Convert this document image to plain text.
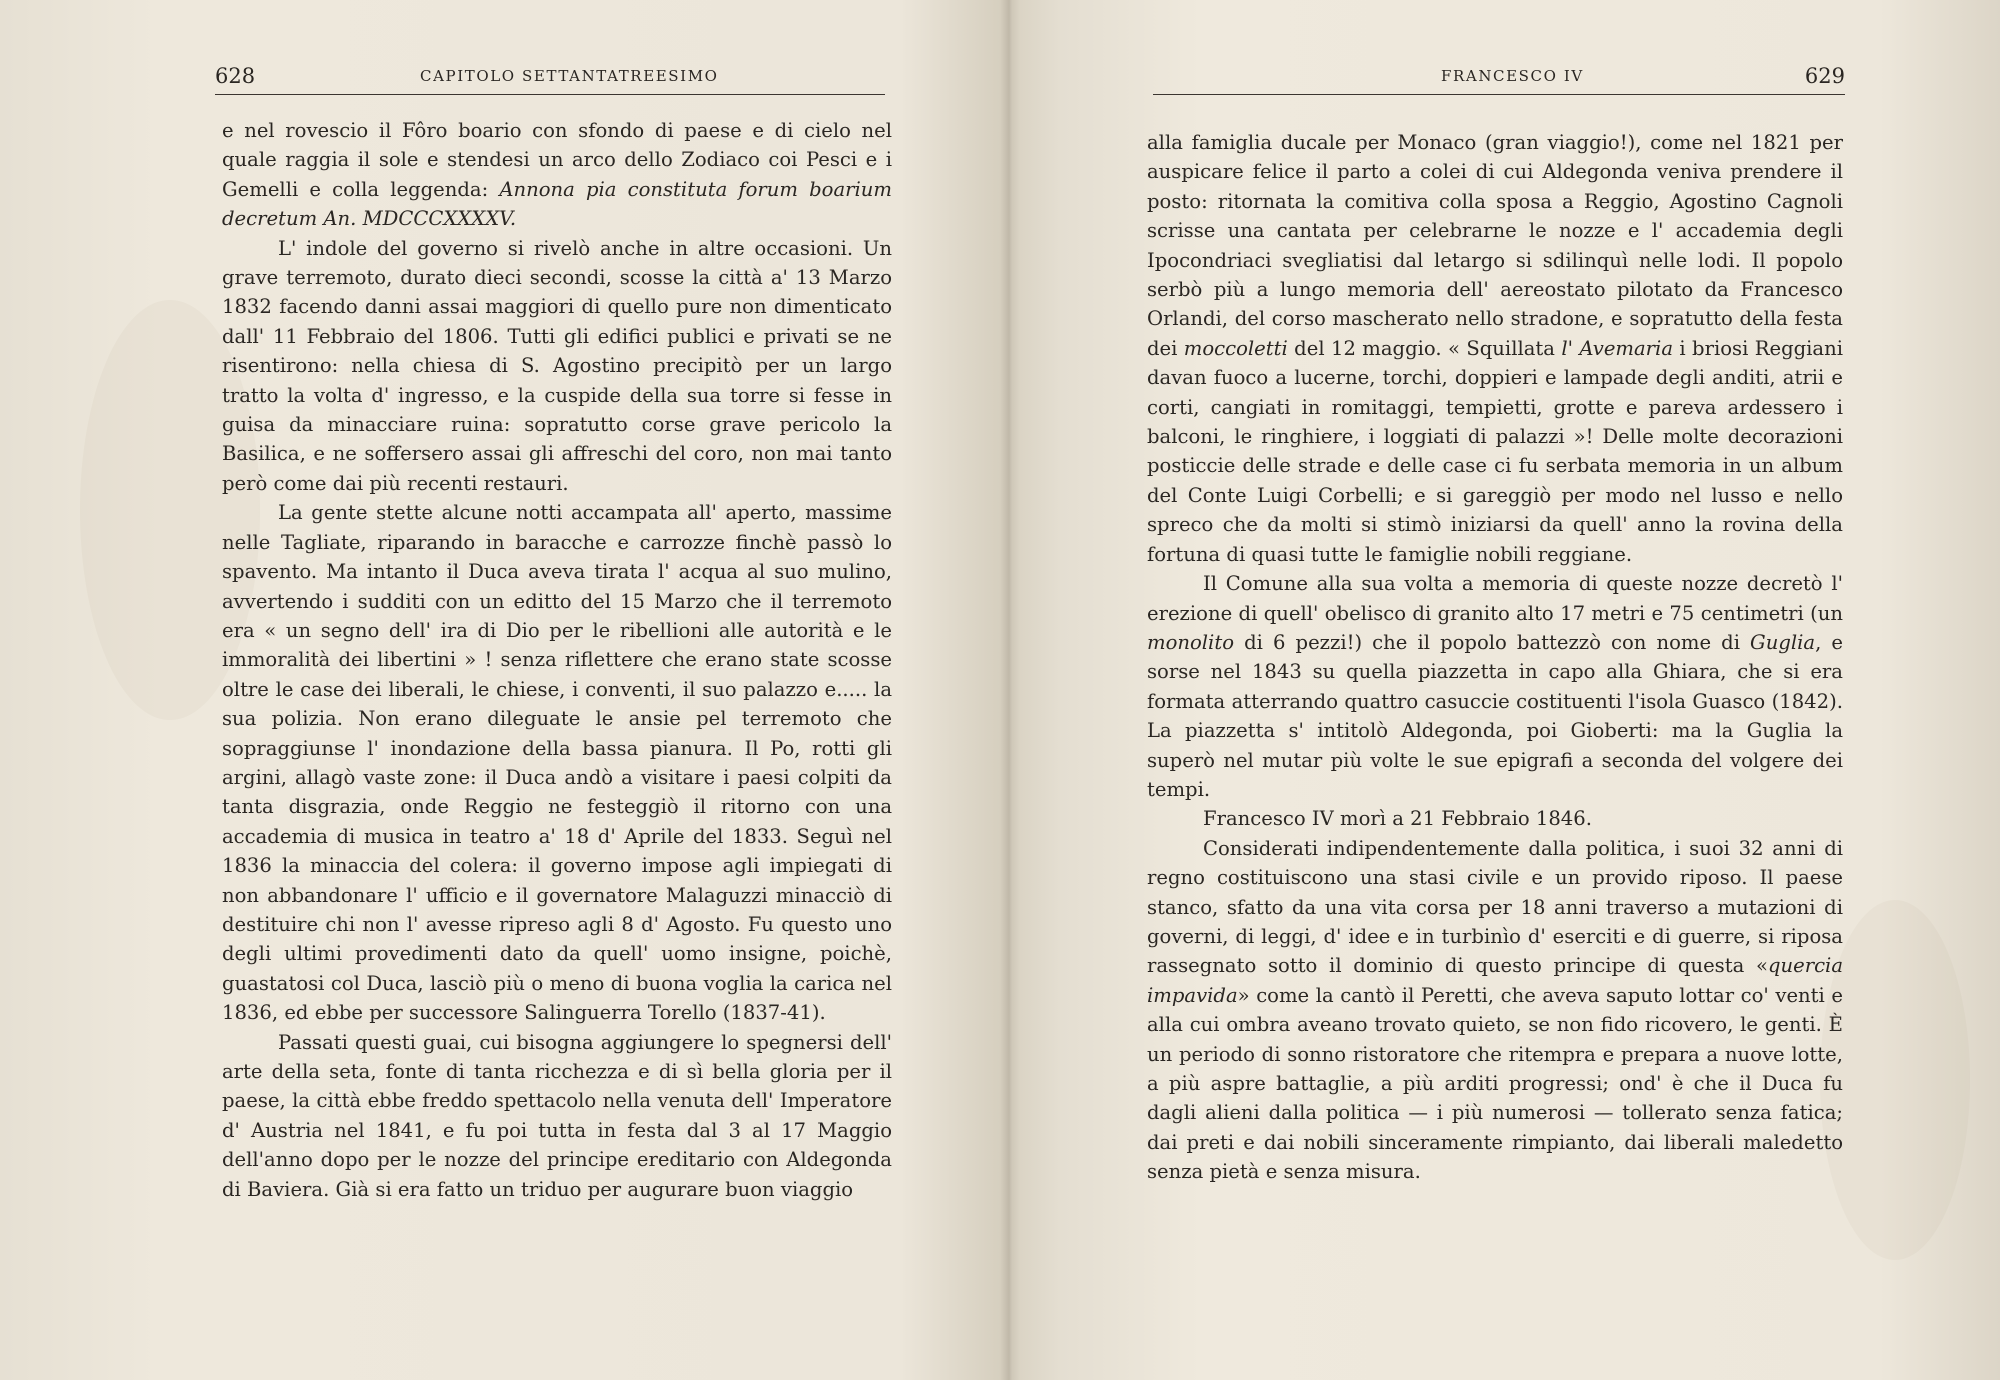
628	CAPITOLO SETTANTATREESIMO

e nel rovescio il Fôro boario con sfondo di paese e di cielo nel quale raggia il sole e stendesi un arco dello Zodiaco coi Pesci e i Gemelli e colla leggenda: Annona pia constituta forum boarium decretum An. MDCCCXXXXV.

L' indole del governo si rivelò anche in altre occasioni. Un grave terremoto, durato dieci secondi, scosse la città a' 13 Marzo 1832 facendo danni assai maggiori di quello pure non dimenticato dall' 11 Febbraio del 1806. Tutti gli edifici publici e privati se ne risentirono: nella chiesa di S. Agostino precipitò per un largo tratto la volta d' ingresso, e la cuspide della sua torre si fesse in guisa da minacciare ruina: sopratutto corse grave pericolo la Basilica, e ne soffersero assai gli affreschi del coro, non mai tanto però come dai più recenti restauri.

La gente stette alcune notti accampata all' aperto, massime nelle Tagliate, riparando in baracche e carrozze finchè passò lo spavento. Ma intanto il Duca aveva tirata l' acqua al suo mulino, avvertendo i sudditi con un editto del 15 Marzo che il terremoto era « un segno dell' ira di Dio per le ribellioni alle autorità e le immoralità dei libertini » ! senza riflettere che erano state scosse oltre le case dei liberali, le chiese, i conventi, il suo palazzo e..... la sua polizia. Non erano dileguate le ansie pel terremoto che sopraggiunse l' inondazione della bassa pianura. Il Po, rotti gli argini, allagò vaste zone: il Duca andò a visitare i paesi colpiti da tanta disgrazia, onde Reggio ne festeggiò il ritorno con una accademia di musica in teatro a' 18 d' Aprile del 1833. Seguì nel 1836 la minaccia del colera: il governo impose agli impiegati di non abbandonare l' ufficio e il governatore Malaguzzi minacciò di destituire chi non l' avesse ripreso agli 8 d' Agosto. Fu questo uno degli ultimi provedimenti dato da quell' uomo insigne, poichè, guastatosi col Duca, lasciò più o meno di buona voglia la carica nel 1836, ed ebbe per successore Salinguerra Torello (1837-41).

Passati questi guai, cui bisogna aggiungere lo spegnersi dell' arte della seta, fonte di tanta ricchezza e di sì bella gloria per il paese, la città ebbe freddo spettacolo nella venuta dell' Imperatore d' Austria nel 1841, e fu poi tutta in festa dal 3 al 17 Maggio dell'anno dopo per le nozze del principe ereditario con Aldegonda di Baviera. Già si era fatto un triduo per augurare buon viaggio

FRANCESCO IV	629

alla famiglia ducale per Monaco (gran viaggio!), come nel 1821 per auspicare felice il parto a colei di cui Aldegonda veniva prendere il posto: ritornata la comitiva colla sposa a Reggio, Agostino Cagnoli scrisse una cantata per celebrarne le nozze e l' accademia degli Ipocondriaci svegliatisi dal letargo si sdilinquì nelle lodi. Il popolo serbò più a lungo memoria dell' aereostato pilotato da Francesco Orlandi, del corso mascherato nello stradone, e sopratutto della festa dei moccoletti del 12 maggio. « Squillata l' Avemaria i briosi Reggiani davan fuoco a lucerne, torchi, doppieri e lampade degli anditi, atrii e corti, cangiati in romitaggi, tempietti, grotte e pareva ardessero i balconi, le ringhiere, i loggiati di palazzi »! Delle molte decorazioni posticcie delle strade e delle case ci fu serbata memoria in un album del Conte Luigi Corbelli; e si gareggiò per modo nel lusso e nello spreco che da molti si stimò iniziarsi da quell' anno la rovina della fortuna di quasi tutte le famiglie nobili reggiane.

Il Comune alla sua volta a memoria di queste nozze decretò l' erezione di quell' obelisco di granito alto 17 metri e 75 centimetri (un monolito di 6 pezzi!) che il popolo battezzò con nome di Guglia, e sorse nel 1843 su quella piazzetta in capo alla Ghiara, che si era formata atterrando quattro casuccie costituenti l'isola Guasco (1842). La piazzetta s' intitolò Aldegonda, poi Gioberti: ma la Guglia la superò nel mutar più volte le sue epigrafi a seconda del volgere dei tempi.

Francesco IV morì a 21 Febbraio 1846.

Considerati indipendentemente dalla politica, i suoi 32 anni di regno costituiscono una stasi civile e un provido riposo. Il paese stanco, sfatto da una vita corsa per 18 anni traverso a mutazioni di governi, di leggi, d' idee e in turbinìo d' eserciti e di guerre, si riposa rassegnato sotto il dominio di questo principe di questa «quercia impavida» come la cantò il Peretti, che aveva saputo lottar co' venti e alla cui ombra aveano trovato quieto, se non fido ricovero, le genti. È un periodo di sonno ristoratore che ritempra e prepara a nuove lotte, a più aspre battaglie, a più arditi progressi; ond' è che il Duca fu dagli alieni dalla politica — i più numerosi — tollerato senza fatica; dai preti e dai nobili sinceramente rimpianto, dai liberali maledetto senza pietà e senza misura.
